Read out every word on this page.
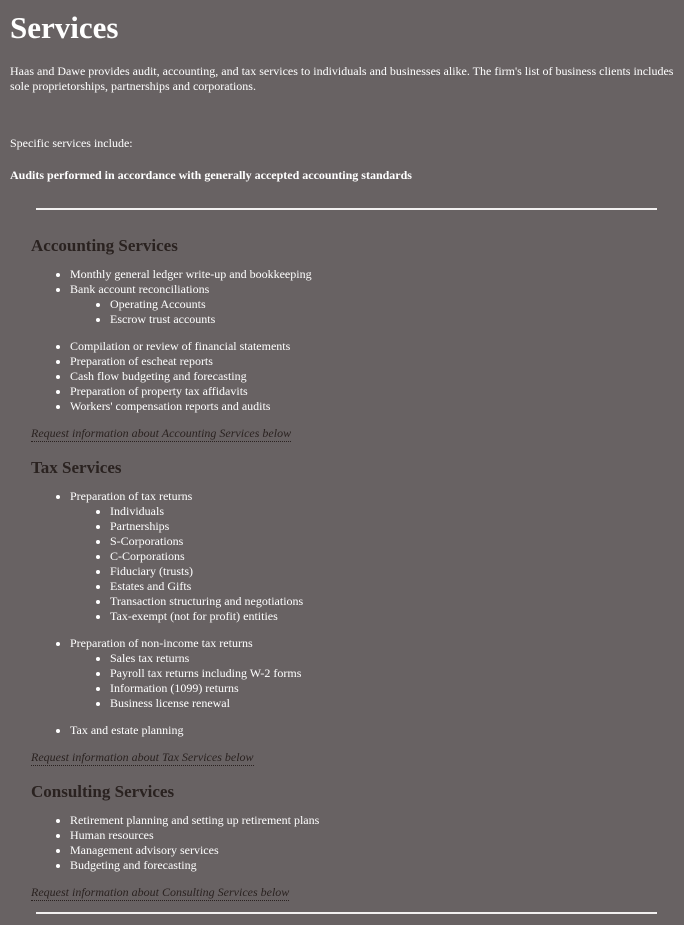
Services

Haas and Dawe provides audit, accounting, and tax services to individuals and businesses alike. The firm's list of business clients includes sole proprietorships, partnerships and corporations.

Specific services include:

Audits performed in accordance with generally accepted accounting standards

Accounting Services
• Monthly general ledger write-up and bookkeeping
• Bank account reconciliations
• Operating Accounts
• Escrow trust accounts
• Compilation or review of financial statements
• Preparation of escheat reports
• Cash flow budgeting and forecasting
• Preparation of property tax affidavits
• Workers' compensation reports and audits
Request information about Accounting Services below
Tax Services
• Preparation of tax returns
• Individuals
• Partnerships
• S-Corporations
• C-Corporations
• Fiduciary (trusts)
• Estates and Gifts
• Transaction structuring and negotiations
• Tax-exempt (not for profit) entities
• Preparation of non-income tax returns
• Sales tax returns
• Payroll tax returns including W-2 forms
• Information (1099) returns
• Business license renewal
• Tax and estate planning
Request information about Tax Services below
Consulting Services
• Retirement planning and setting up retirement plans
• Human resources
• Management advisory services
• Budgeting and forecasting
Request information about Consulting Services below
